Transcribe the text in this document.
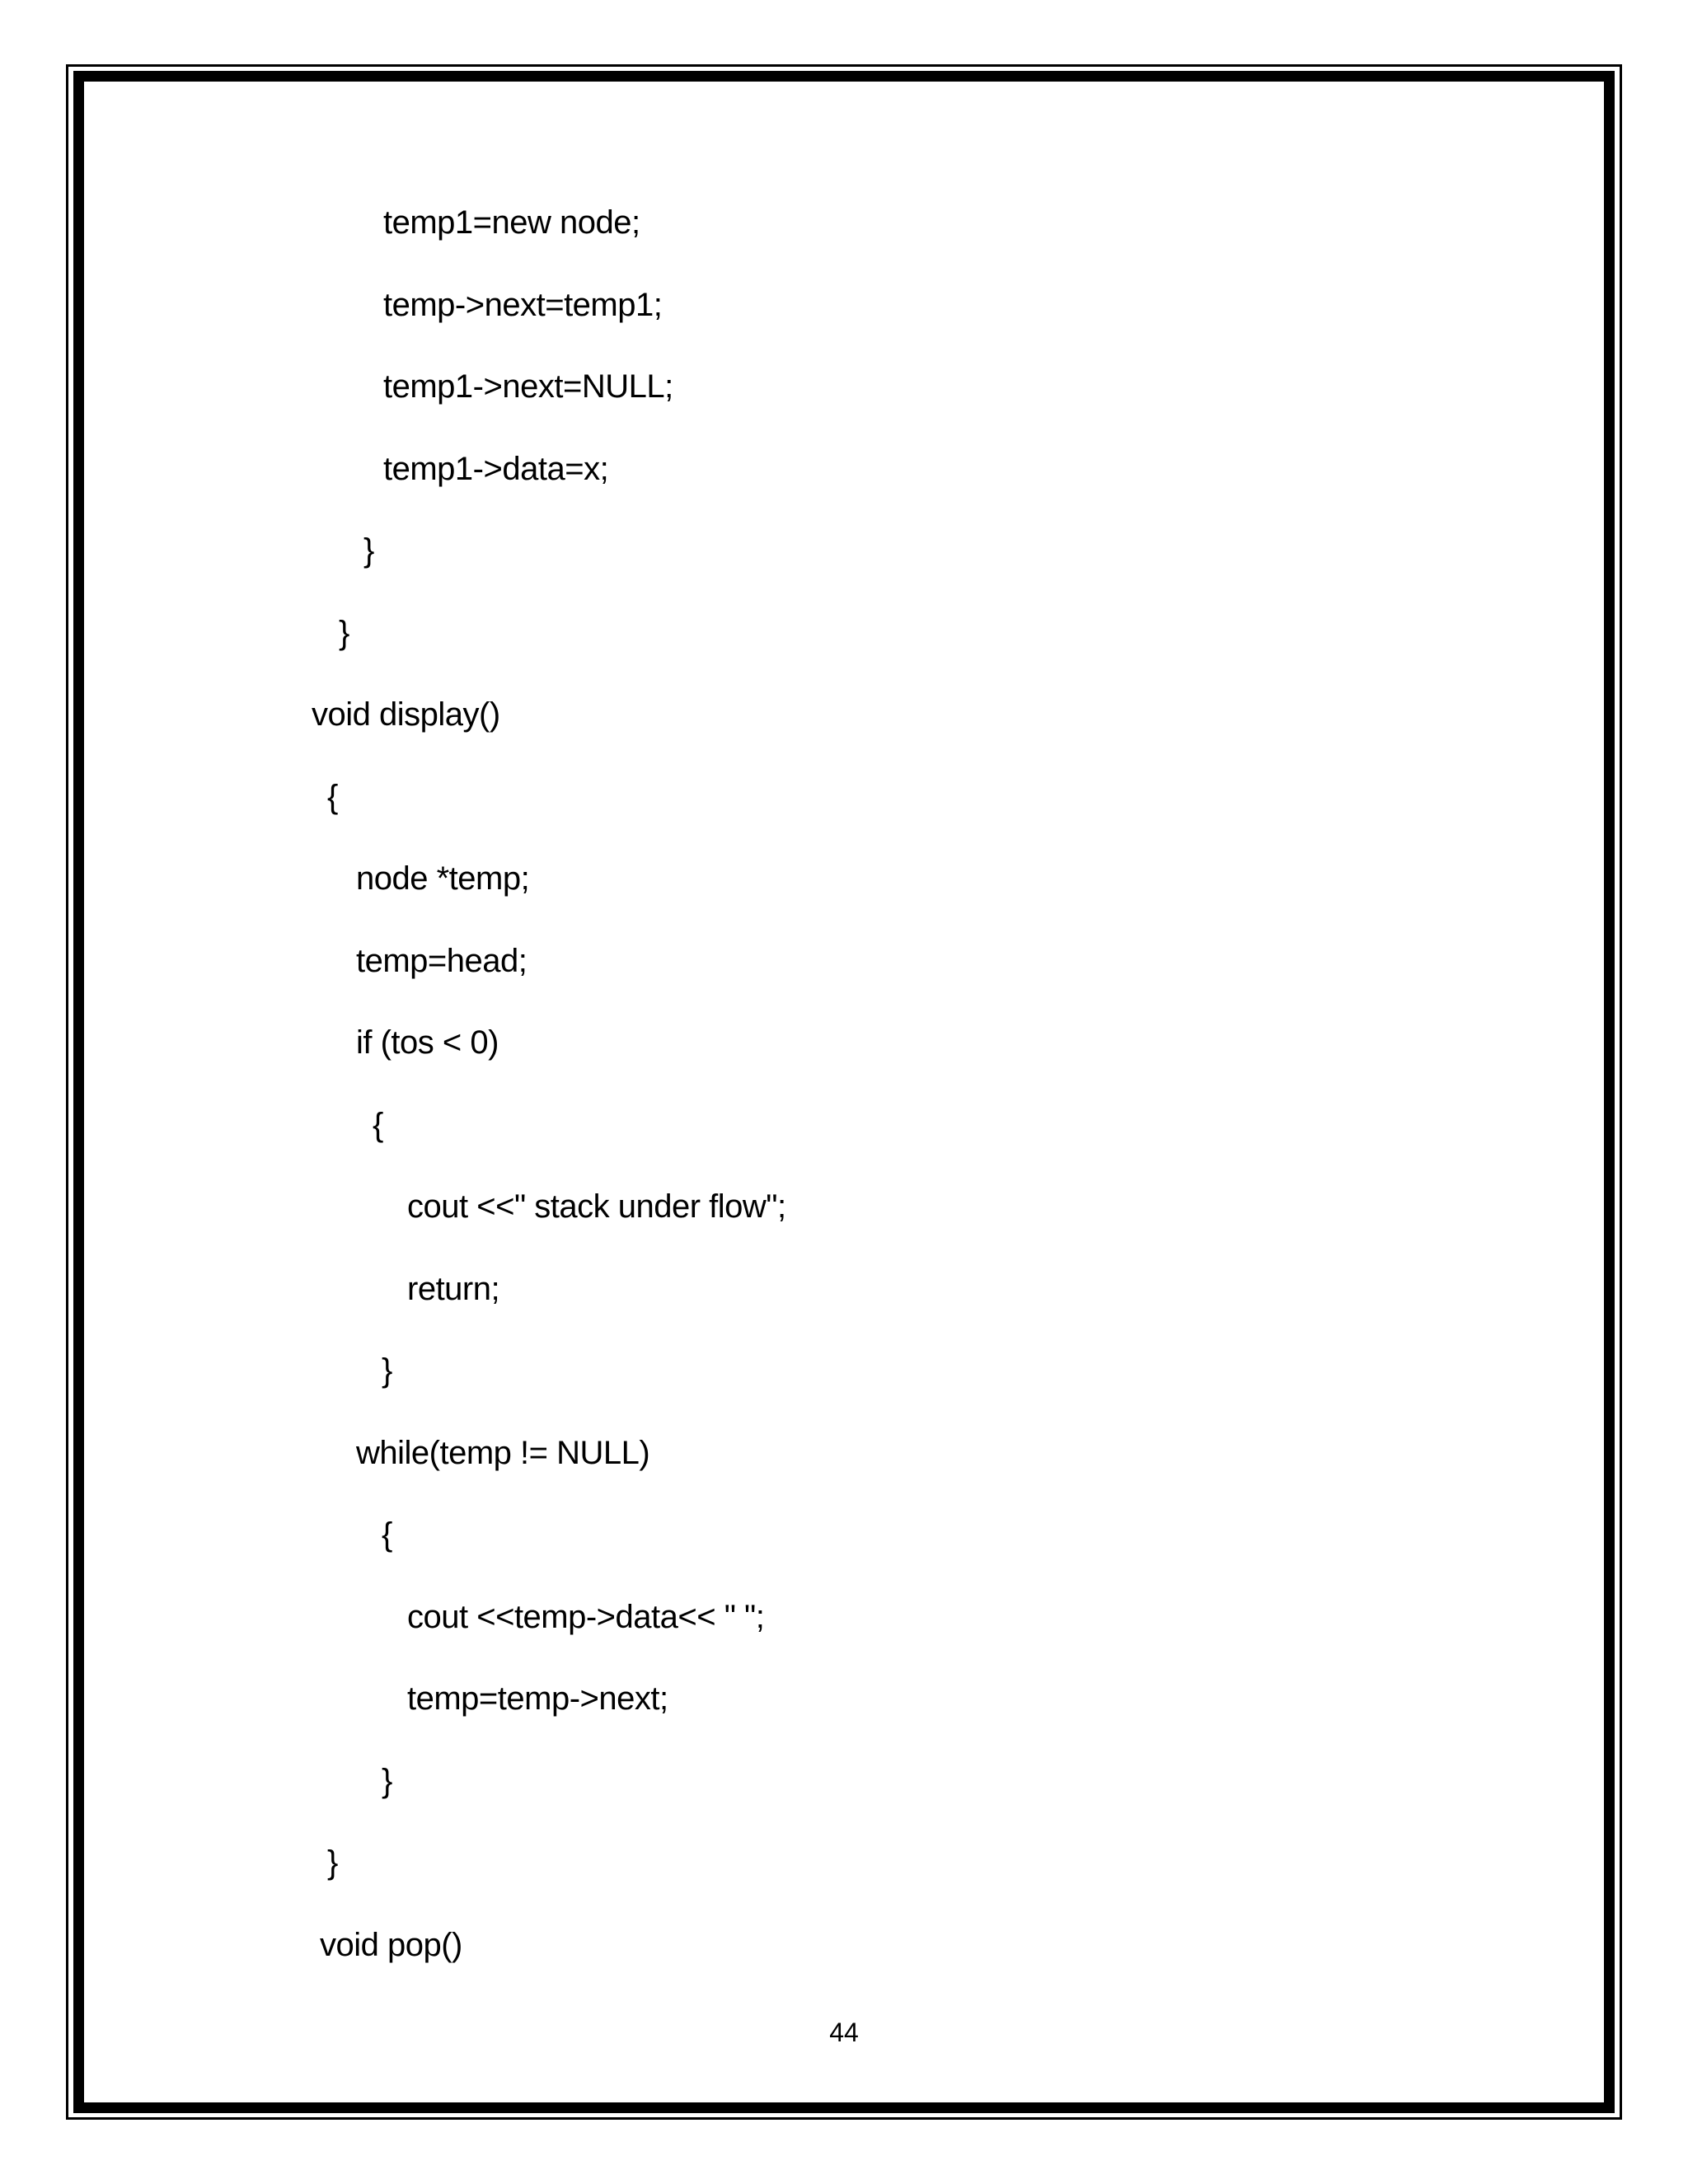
temp1=new node;
temp->next=temp1;
temp1->next=NULL;
temp1->data=x;
}
}
void display()
{
node *temp;
temp=head;
if (tos < 0)
{
cout <<" stack under flow";
return;
}
while(temp != NULL)
{
cout <<temp->data<< " ";
temp=temp->next;
}
}
void pop()
44
